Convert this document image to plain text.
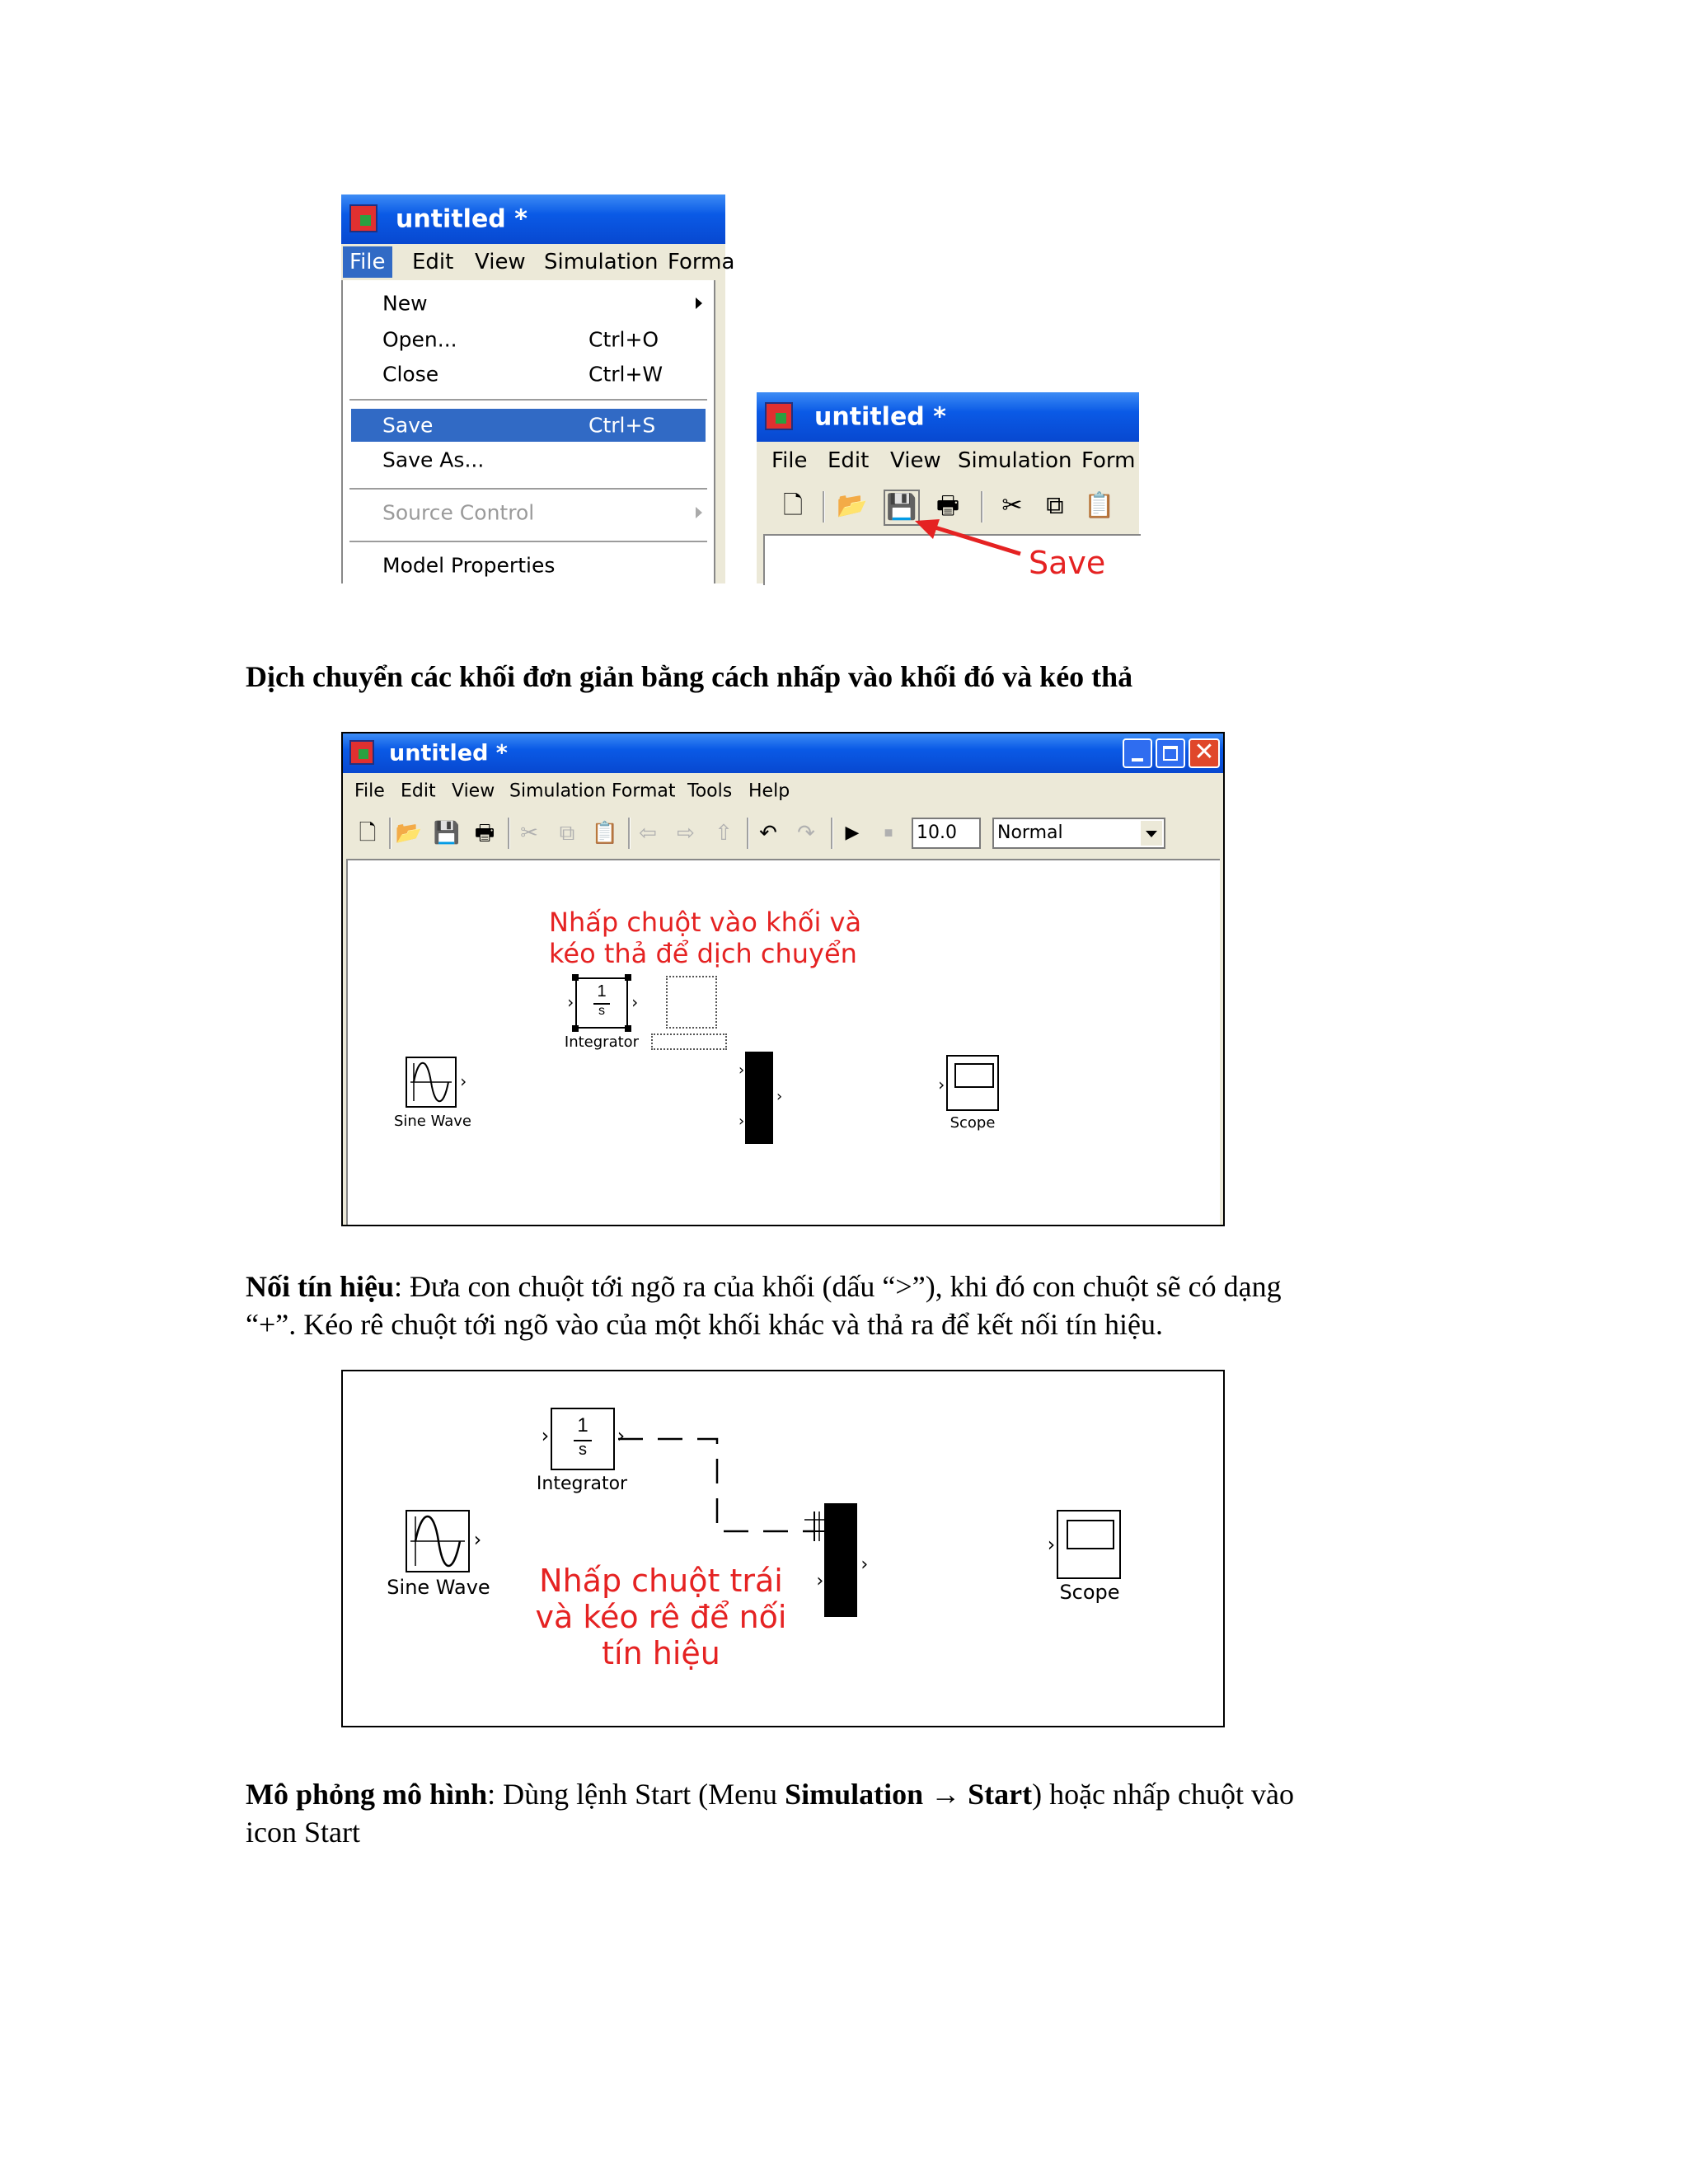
untitled *
File	Edit View Simulation Forma
New
Open...	Ctrl+O
Close	Ctrl+W
Save	Ctrl+S
Save As...
Source Control
Model Properties
untitled *
File Edit View Simulation Form
🗋 📂 💾 🖶 ✂ ⧉ 📋
Save
Dịch chuyển các khối đơn giản bằng cách nhấp vào khối đó và kéo thả
untitled *	✕
File Edit View Simulation Format Tools Help
🗋 📂 💾 🖶	✂ ⧉ 📋 ⇦ ⇨ ⇧	↶ ↷	▶	■	10.0	Normal
Nhấp chuột vào khối và
kéo thả để dịch chuyển
1
s
›	›
Integrator
›
Sine Wave
›
›
›
›
Scope
Nối tín hiệu: Đưa con chuột tới ngõ ra của khối (dấu “>”), khi đó con chuột sẽ có dạng
“+”. Kéo rê chuột tới ngõ vào của một khối khác và thả ra để kết nối tín hiệu.
1
s
›	›
Integrator
›
Sine Wave	›
›
›
Scope
Nhấp chuột trái
và kéo rê để nối
tín hiệu
Mô phỏng mô hình: Dùng lệnh Start (Menu Simulation → Start) hoặc nhấp chuột vào
icon Start
